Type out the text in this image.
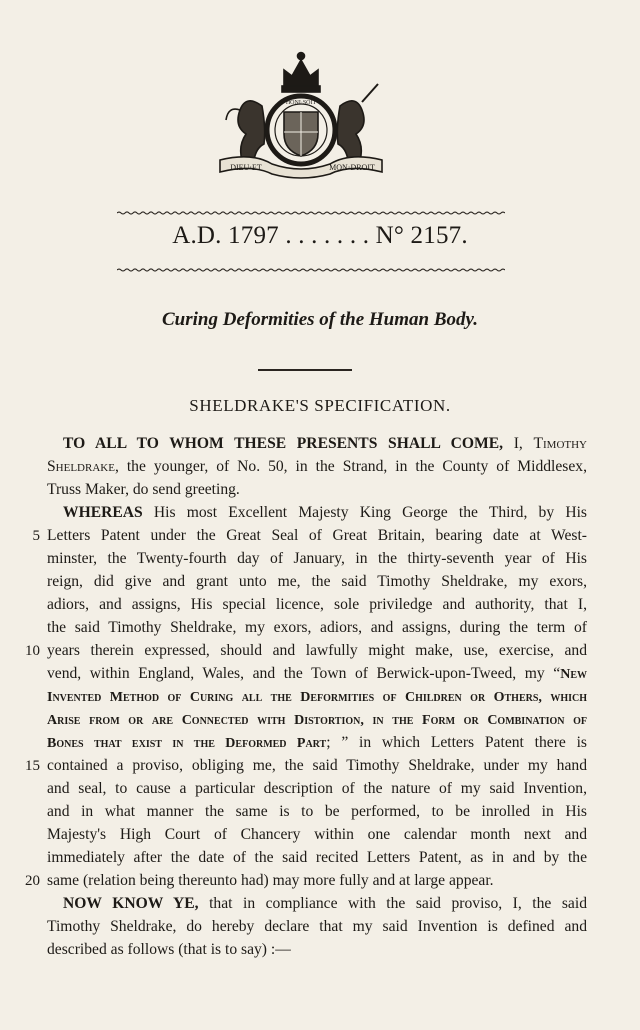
HONI·SOIT
DIEU·ET	MON·DROIT
A.D. 1797 . . . . . . . N° 2157.
Curing Deformities of the Human Body.
SHELDRAKE'S SPECIFICATION.
TO ALL TO WHOM THESE PRESENTS SHALL COME, I, Timothy
Sheldrake, the younger, of No. 50, in the Strand, in the County of Middlesex,
Truss Maker, do send greeting.
WHEREAS His most Excellent Majesty King George the Third, by His
Letters Patent under the Great Seal of Great Britain, bearing date at West-
minster, the Twenty-fourth day of January, in the thirty-seventh year of His
reign, did give and grant unto me, the said Timothy Sheldrake, my exors,
adiors, and assigns, His special licence, sole priviledge and authority, that I,
the said Timothy Sheldrake, my exors, adiors, and assigns, during the term of
years therein expressed, should and lawfully might make, use, exercise, and
vend, within England, Wales, and the Town of Berwick-upon-Tweed, my “New
Invented Method of Curing all the Deformities of Children or Others, which
Arise from or are Connected with Distortion, in the Form or Combination of
Bones that exist in the Deformed Part; ” in which Letters Patent there is
contained a proviso, obliging me, the said Timothy Sheldrake, under my hand
and seal, to cause a particular description of the nature of my said Invention,
and in what manner the same is to be performed, to be inrolled in His
Majesty's High Court of Chancery within one calendar month next and
immediately after the date of the said recited Letters Patent, as in and by the
same (relation being thereunto had) may more fully and at large appear.
NOW KNOW YE, that in compliance with the said proviso, I, the said
Timothy Sheldrake, do hereby declare that my said Invention is defined and
described as follows (that is to say) :—
5
10
15
20
